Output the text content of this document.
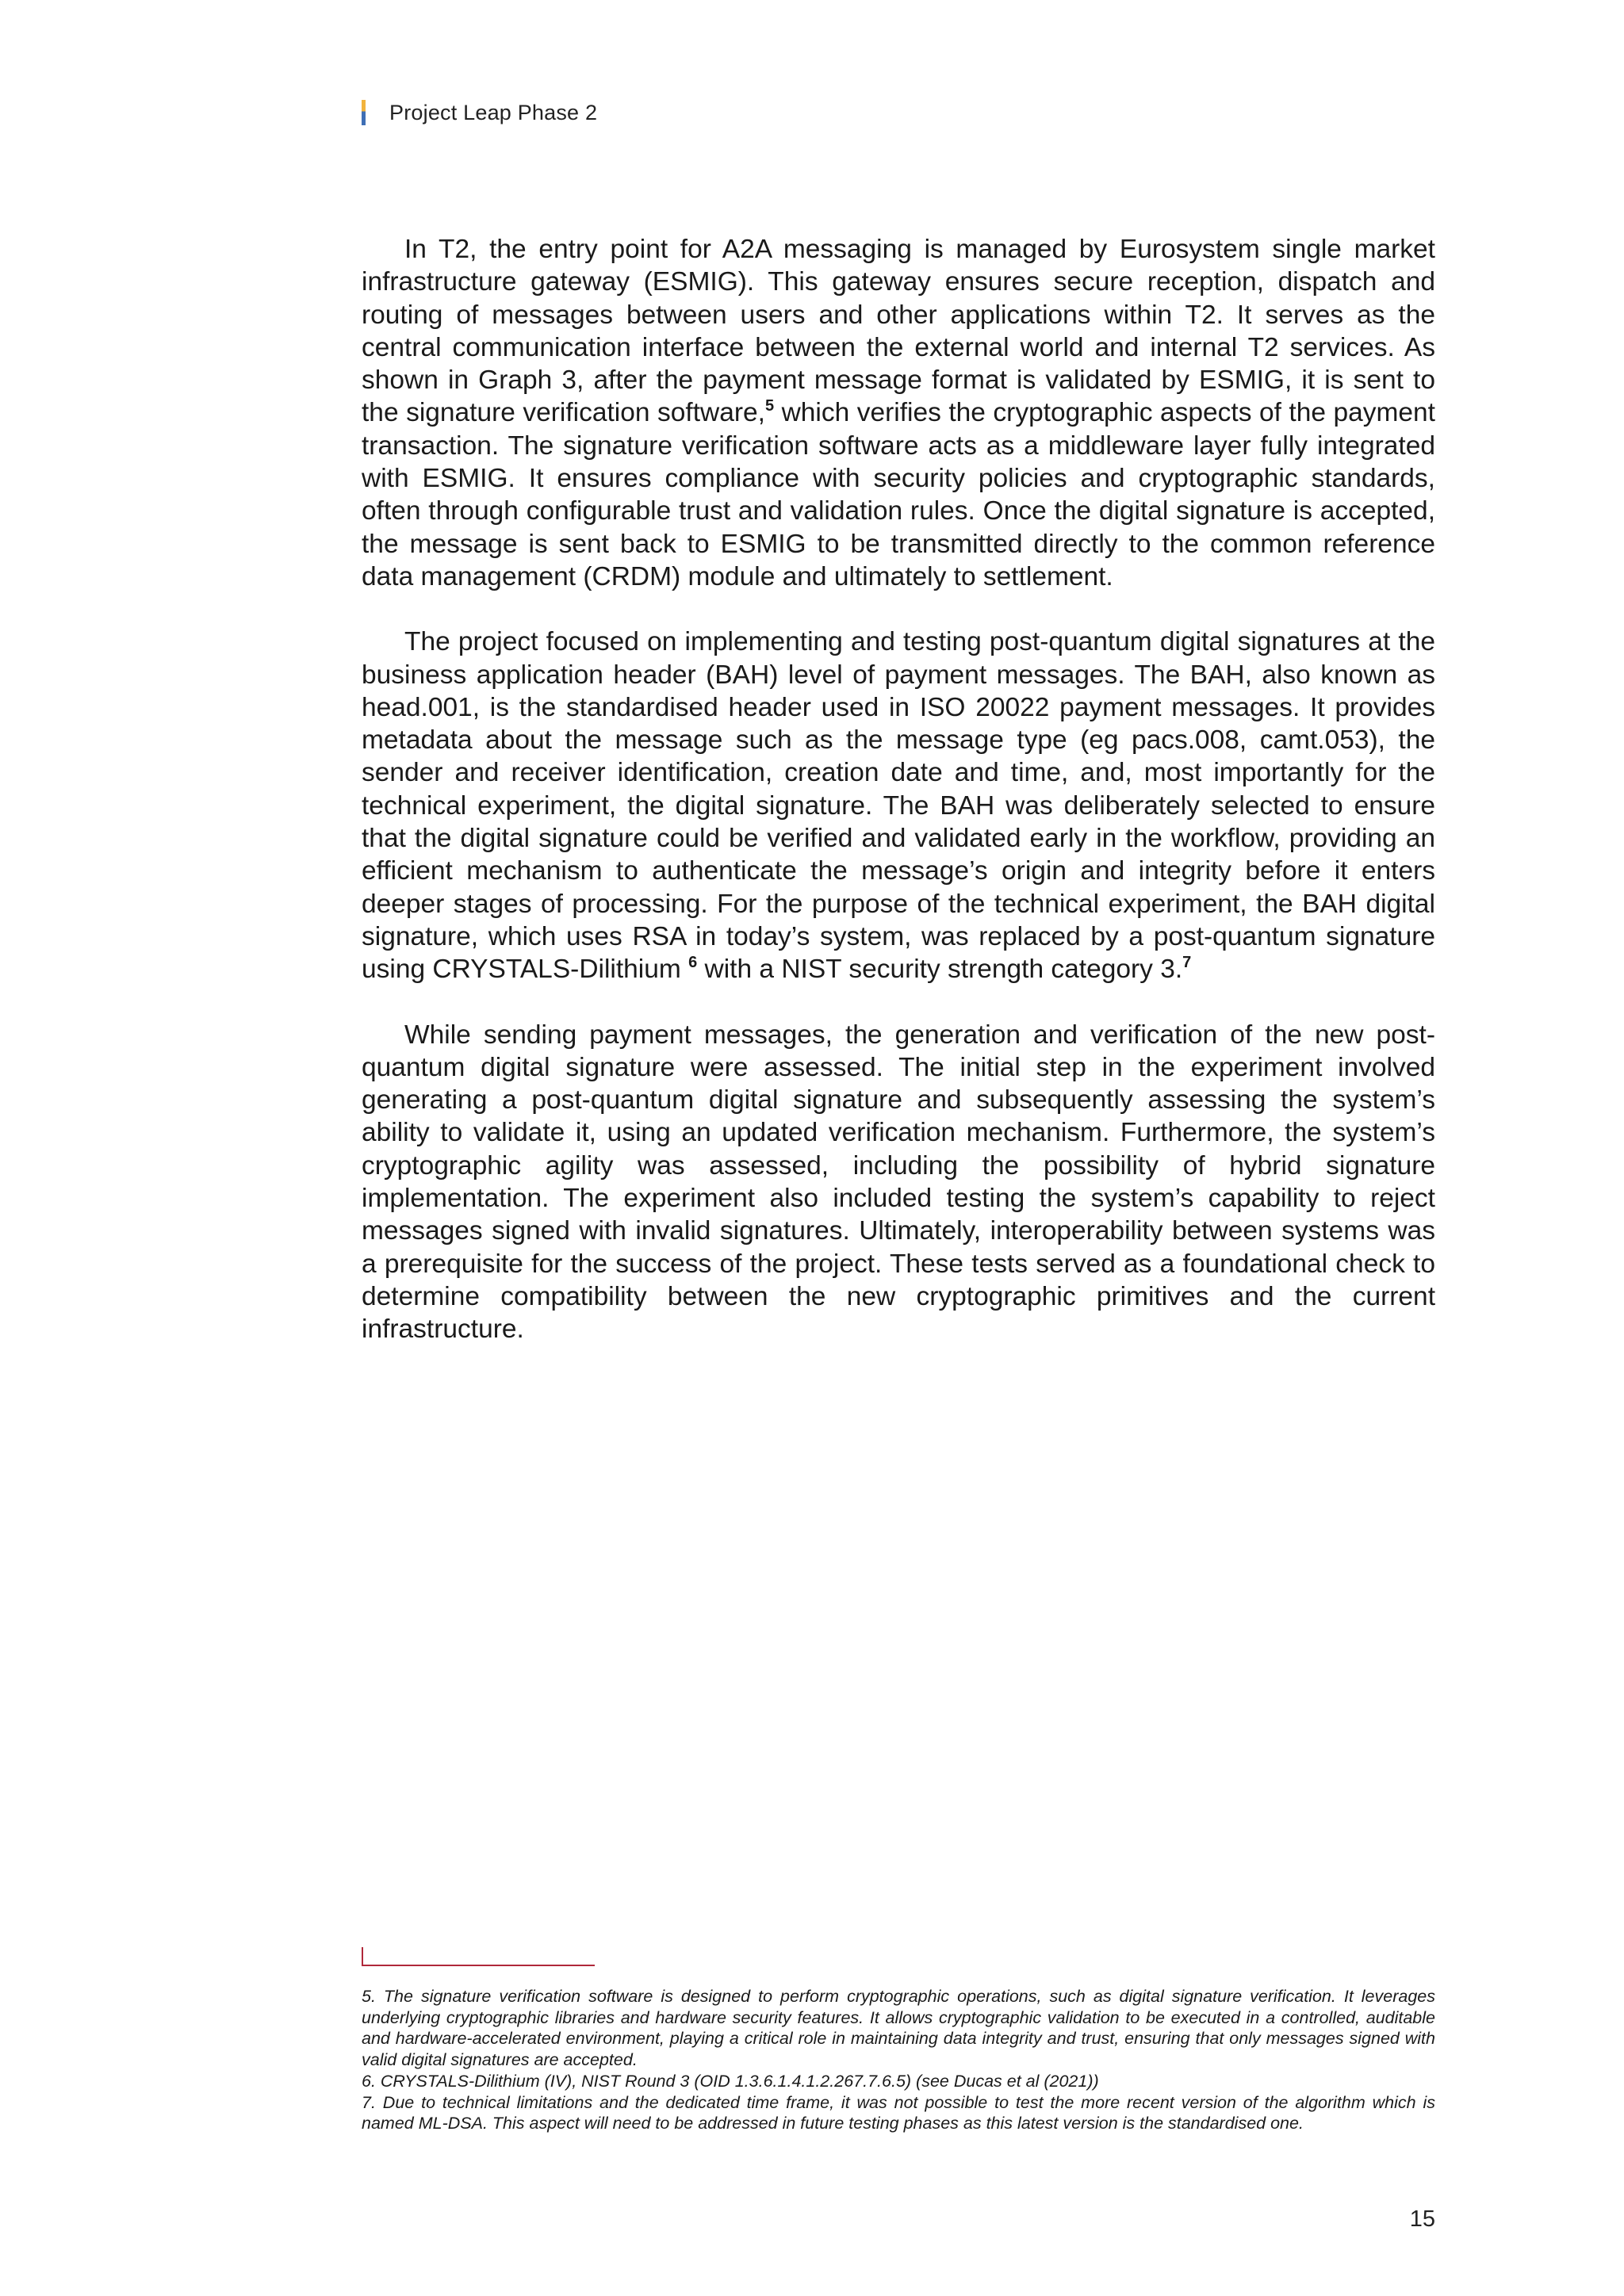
Project Leap Phase 2

In T2, the entry point for A2A messaging is managed by Eurosystem single market infrastructure gateway (ESMIG). This gateway ensures secure reception, dispatch and routing of messages between users and other applications within T2. It serves as the central communication interface between the external world and internal T2 services. As shown in Graph 3, after the payment message format is validated by ESMIG, it is sent to the signature verification software,$^5$ which verifies the cryptographic aspects of the payment transaction. The signature verification software acts as a middleware layer fully integrated with ESMIG. It ensures compliance with security policies and cryptographic standards, often through configurable trust and validation rules. Once the digital signature is accepted, the message is sent back to ESMIG to be transmitted directly to the common reference data management (CRDM) module and ultimately to settlement.

The project focused on implementing and testing post-quantum digital signatures at the business application header (BAH) level of payment messages. The BAH, also known as head.001, is the standardised header used in ISO 20022 payment messages. It provides metadata about the message such as the message type (eg pacs.008, camt.053), the sender and receiver identification, creation date and time, and, most importantly for the technical experiment, the digital signature. The BAH was deliberately selected to ensure that the digital signature could be verified and validated early in the workflow, providing an efficient mechanism to authenticate the message’s origin and integrity before it enters deeper stages of processing. For the purpose of the technical experiment, the BAH digital signature, which uses RSA in today’s system, was replaced by a post-quantum signature using CRYSTALS-Dilithium $^6$ with a NIST security strength category 3.$^7$

While sending payment messages, the generation and verification of the new post-quantum digital signature were assessed. The initial step in the experiment involved generating a post-quantum digital signature and subsequently assessing the system’s ability to validate it, using an updated verification mechanism. Furthermore, the system’s cryptographic agility was assessed, including the possibility of hybrid signature implementation. The experiment also included testing the system’s capability to reject messages signed with invalid signatures. Ultimately, interoperability between systems was a prerequisite for the success of the project. These tests served as a foundational check to determine compatibility between the new cryptographic primitives and the current infrastructure.

5. The signature verification software is designed to perform cryptographic operations, such as digital signature verification. It leverages underlying cryptographic libraries and hardware security features. It allows cryptographic validation to be executed in a controlled, auditable and hardware-accelerated environment, playing a critical role in maintaining data integrity and trust, ensuring that only messages signed with valid digital signatures are accepted.

6. CRYSTALS-Dilithium (IV), NIST Round 3 (OID 1.3.6.1.4.1.2.267.7.6.5) (see Ducas et al (2021))

7. Due to technical limitations and the dedicated time frame, it was not possible to test the more recent version of the algorithm which is named ML-DSA. This aspect will need to be addressed in future testing phases as this latest version is the standardised one.

15
